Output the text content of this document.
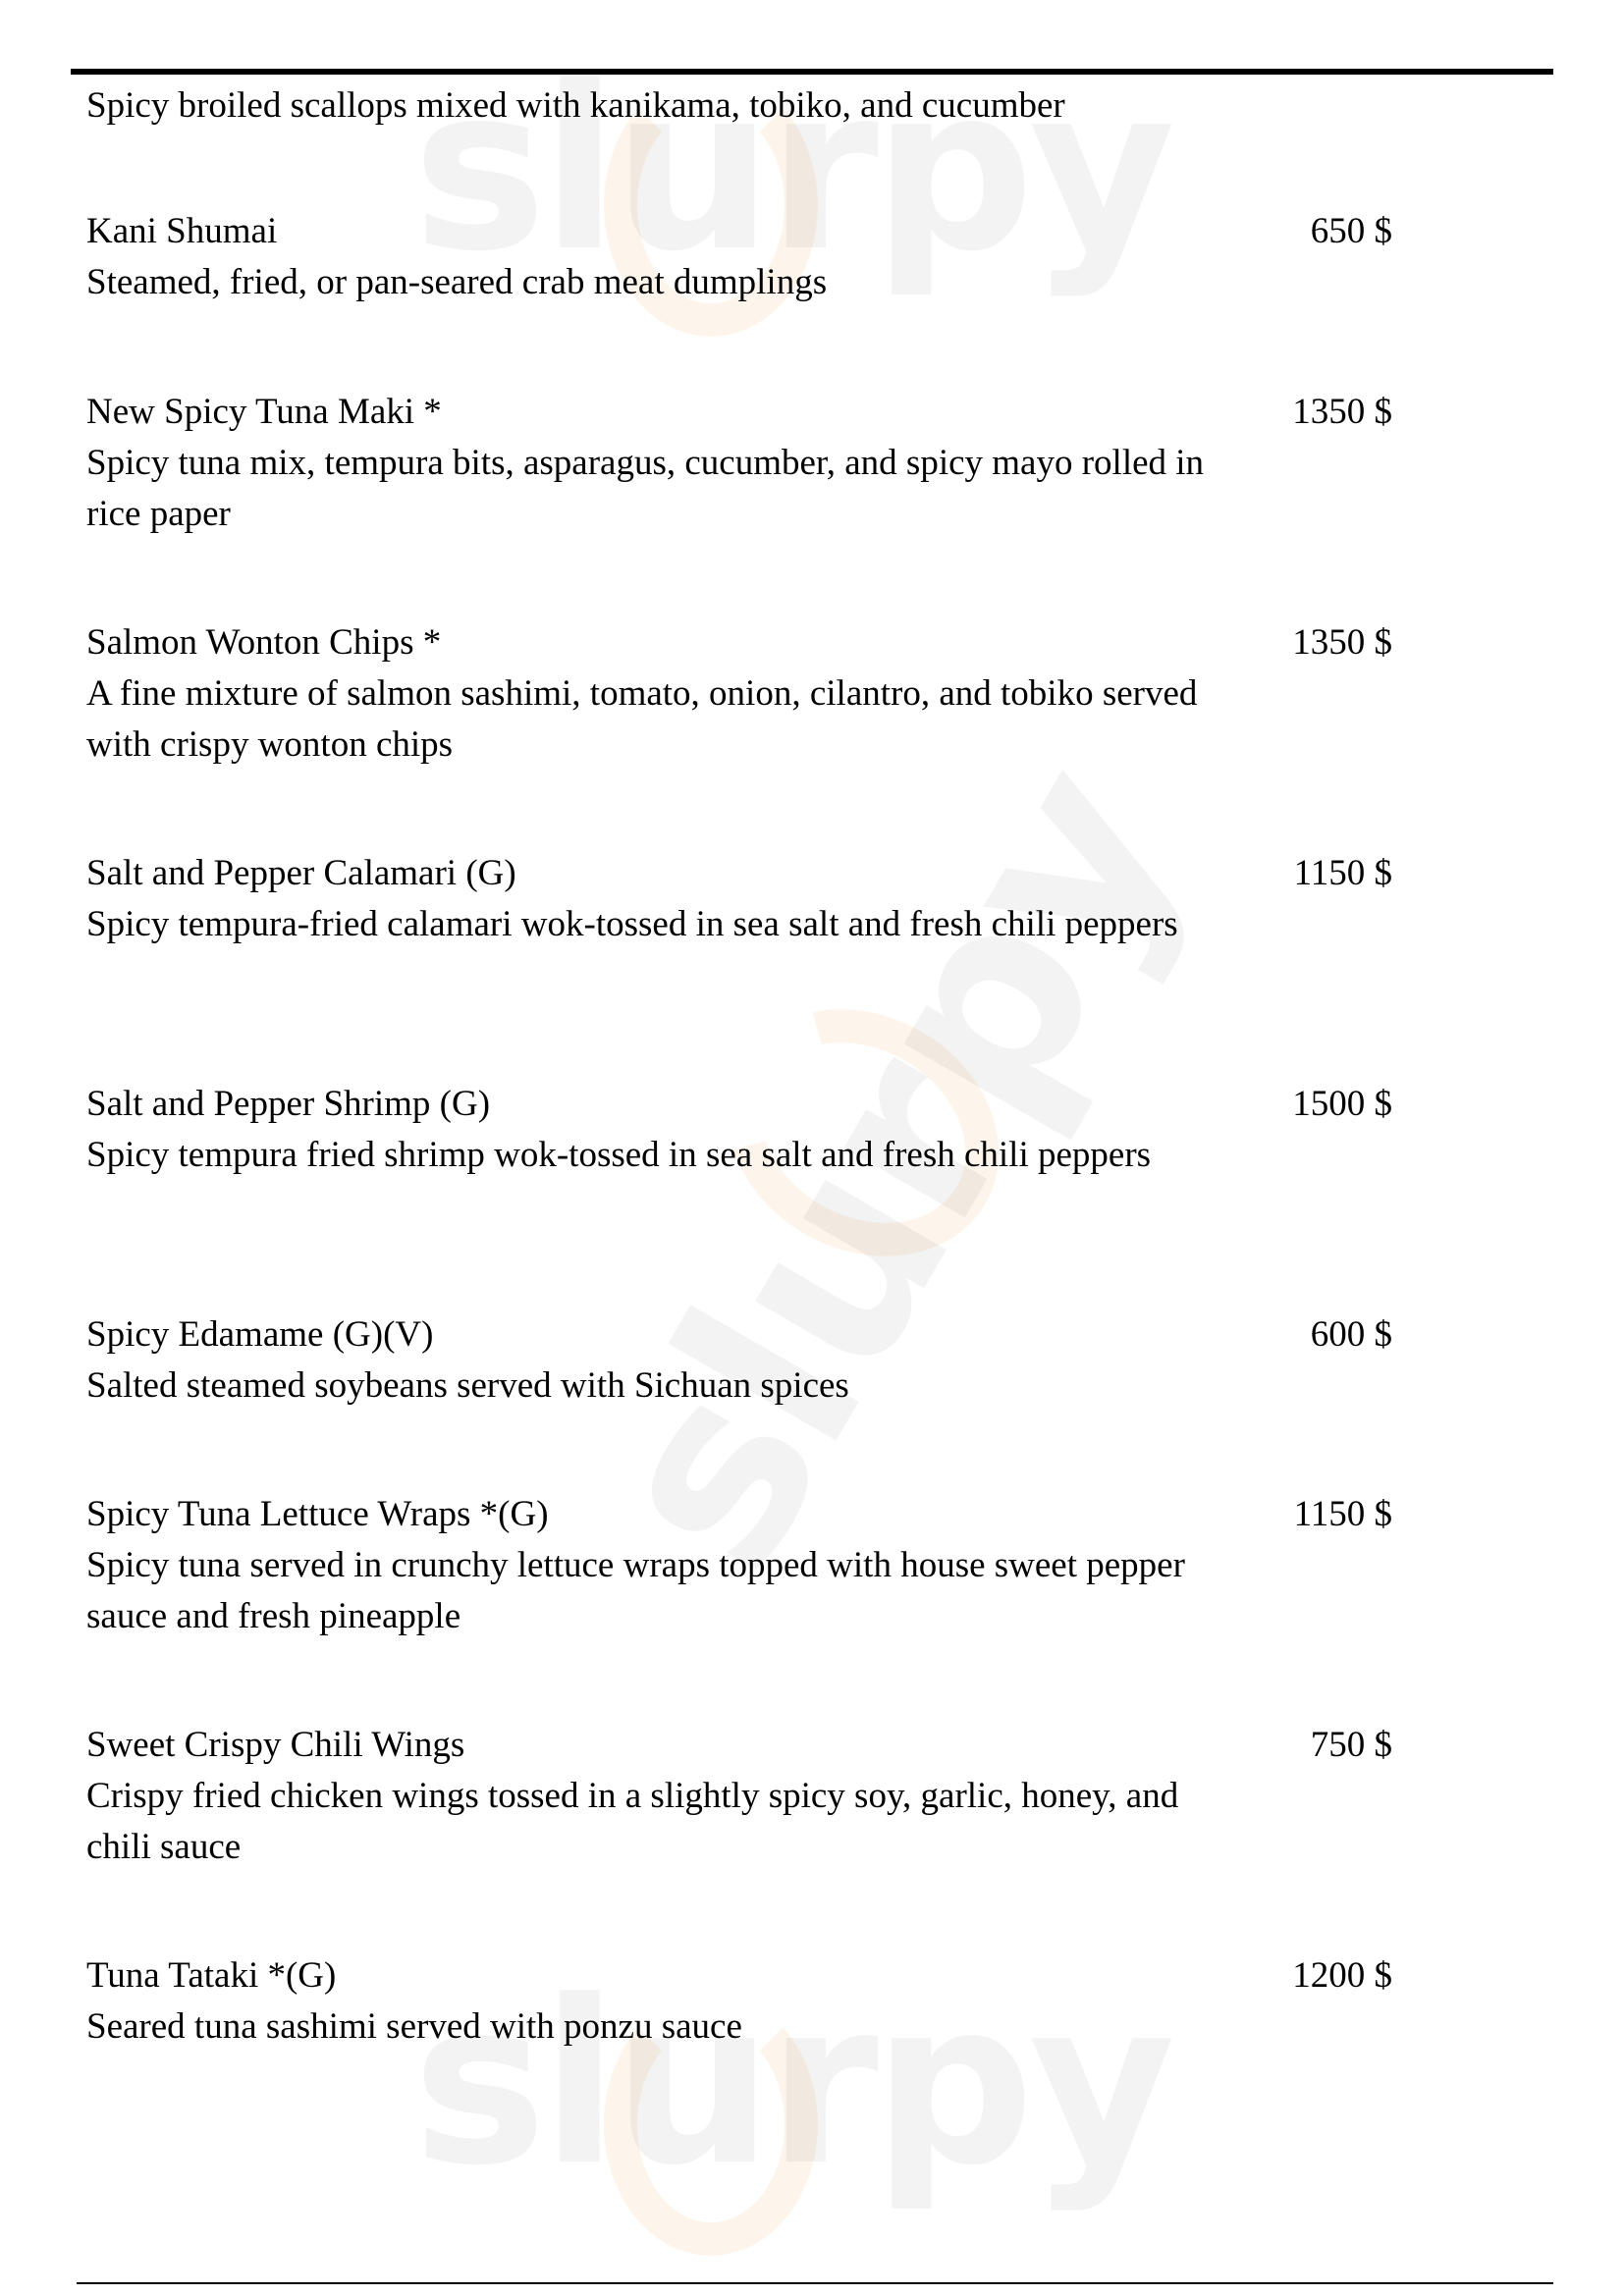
Spicy broiled scallops mixed with kanikama, tobiko, and cucumber
Kani Shumai	650 $
Steamed, fried, or pan-seared crab meat dumplings
New Spicy Tuna Maki *	1350 $
Spicy tuna mix, tempura bits, asparagus, cucumber, and spicy mayo rolled in rice paper
Salmon Wonton Chips *	1350 $
A fine mixture of salmon sashimi, tomato, onion, cilantro, and tobiko served with crispy wonton chips
Salt and Pepper Calamari (G)	1150 $
Spicy tempura-fried calamari wok-tossed in sea salt and fresh chili peppers
Salt and Pepper Shrimp (G)	1500 $
Spicy tempura fried shrimp wok-tossed in sea salt and fresh chili peppers
Spicy Edamame (G)(V)	600 $
Salted steamed soybeans served with Sichuan spices
Spicy Tuna Lettuce Wraps *(G)	1150 $
Spicy tuna served in crunchy lettuce wraps topped with house sweet pepper sauce and fresh pineapple
Sweet Crispy Chili Wings	750 $
Crispy fried chicken wings tossed in a slightly spicy soy, garlic, honey, and chili sauce
Tuna Tataki *(G)	1200 $
Seared tuna sashimi served with ponzu sauce
